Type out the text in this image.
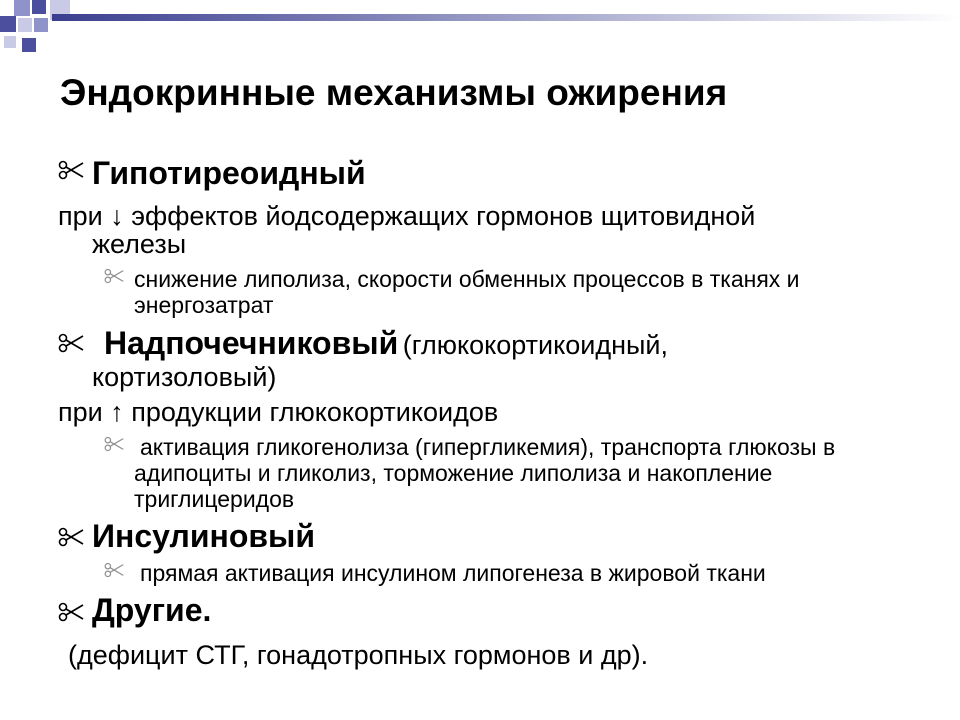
Эндокринные механизмы ожирения
Гипотиреоидный
при ↓ эффектов йодсодержащих гормонов щитовидной
железы
снижение липолиза, скорости обменных процессов в тканях и
энергозатрат
Надпочечниковый (глюкокортикоидный,
кортизоловый)
при ↑ продукции глюкокортикоидов
активация гликогенолиза (гипергликемия), транспорта глюкозы в
адипоциты и гликолиз, торможение липолиза и накопление
триглицеридов
Инсулиновый
прямая активация инсулином липогенеза в жировой ткани
Другие.
(дефицит СТГ, гонадотропных гормонов и др).
